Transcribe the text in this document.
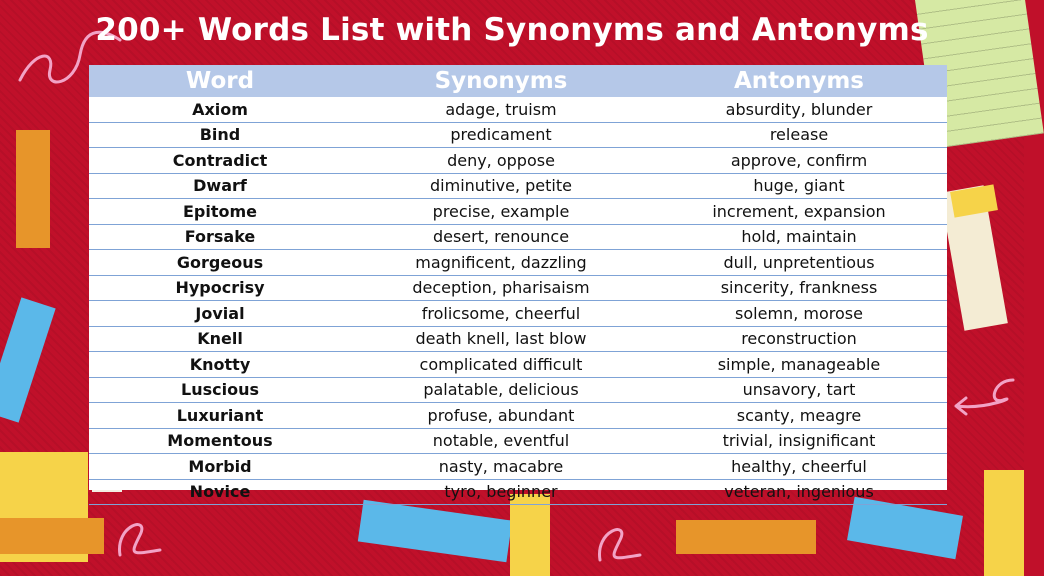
200+ Words List with Synonyms and Antonyms
Word	Synonyms	Antonyms
Axiom	adage, truism	absurdity, blunder
Bind	predicament	release
Contradict	deny, oppose	approve, confirm
Dwarf	diminutive, petite	huge, giant
Epitome	precise, example	increment, expansion
Forsake	desert, renounce	hold, maintain
Gorgeous	magnificent, dazzling	dull, unpretentious
Hypocrisy	deception, pharisaism	sincerity, frankness
Jovial	frolicsome, cheerful	solemn, morose
Knell	death knell, last blow	reconstruction
Knotty	complicated difficult	simple, manageable
Luscious	palatable, delicious	unsavory, tart
Luxuriant	profuse, abundant	scanty, meagre
Momentous	notable, eventful	trivial, insignificant
Morbid	nasty, macabre	healthy, cheerful
Novice	tyro, beginner	veteran, ingenious
